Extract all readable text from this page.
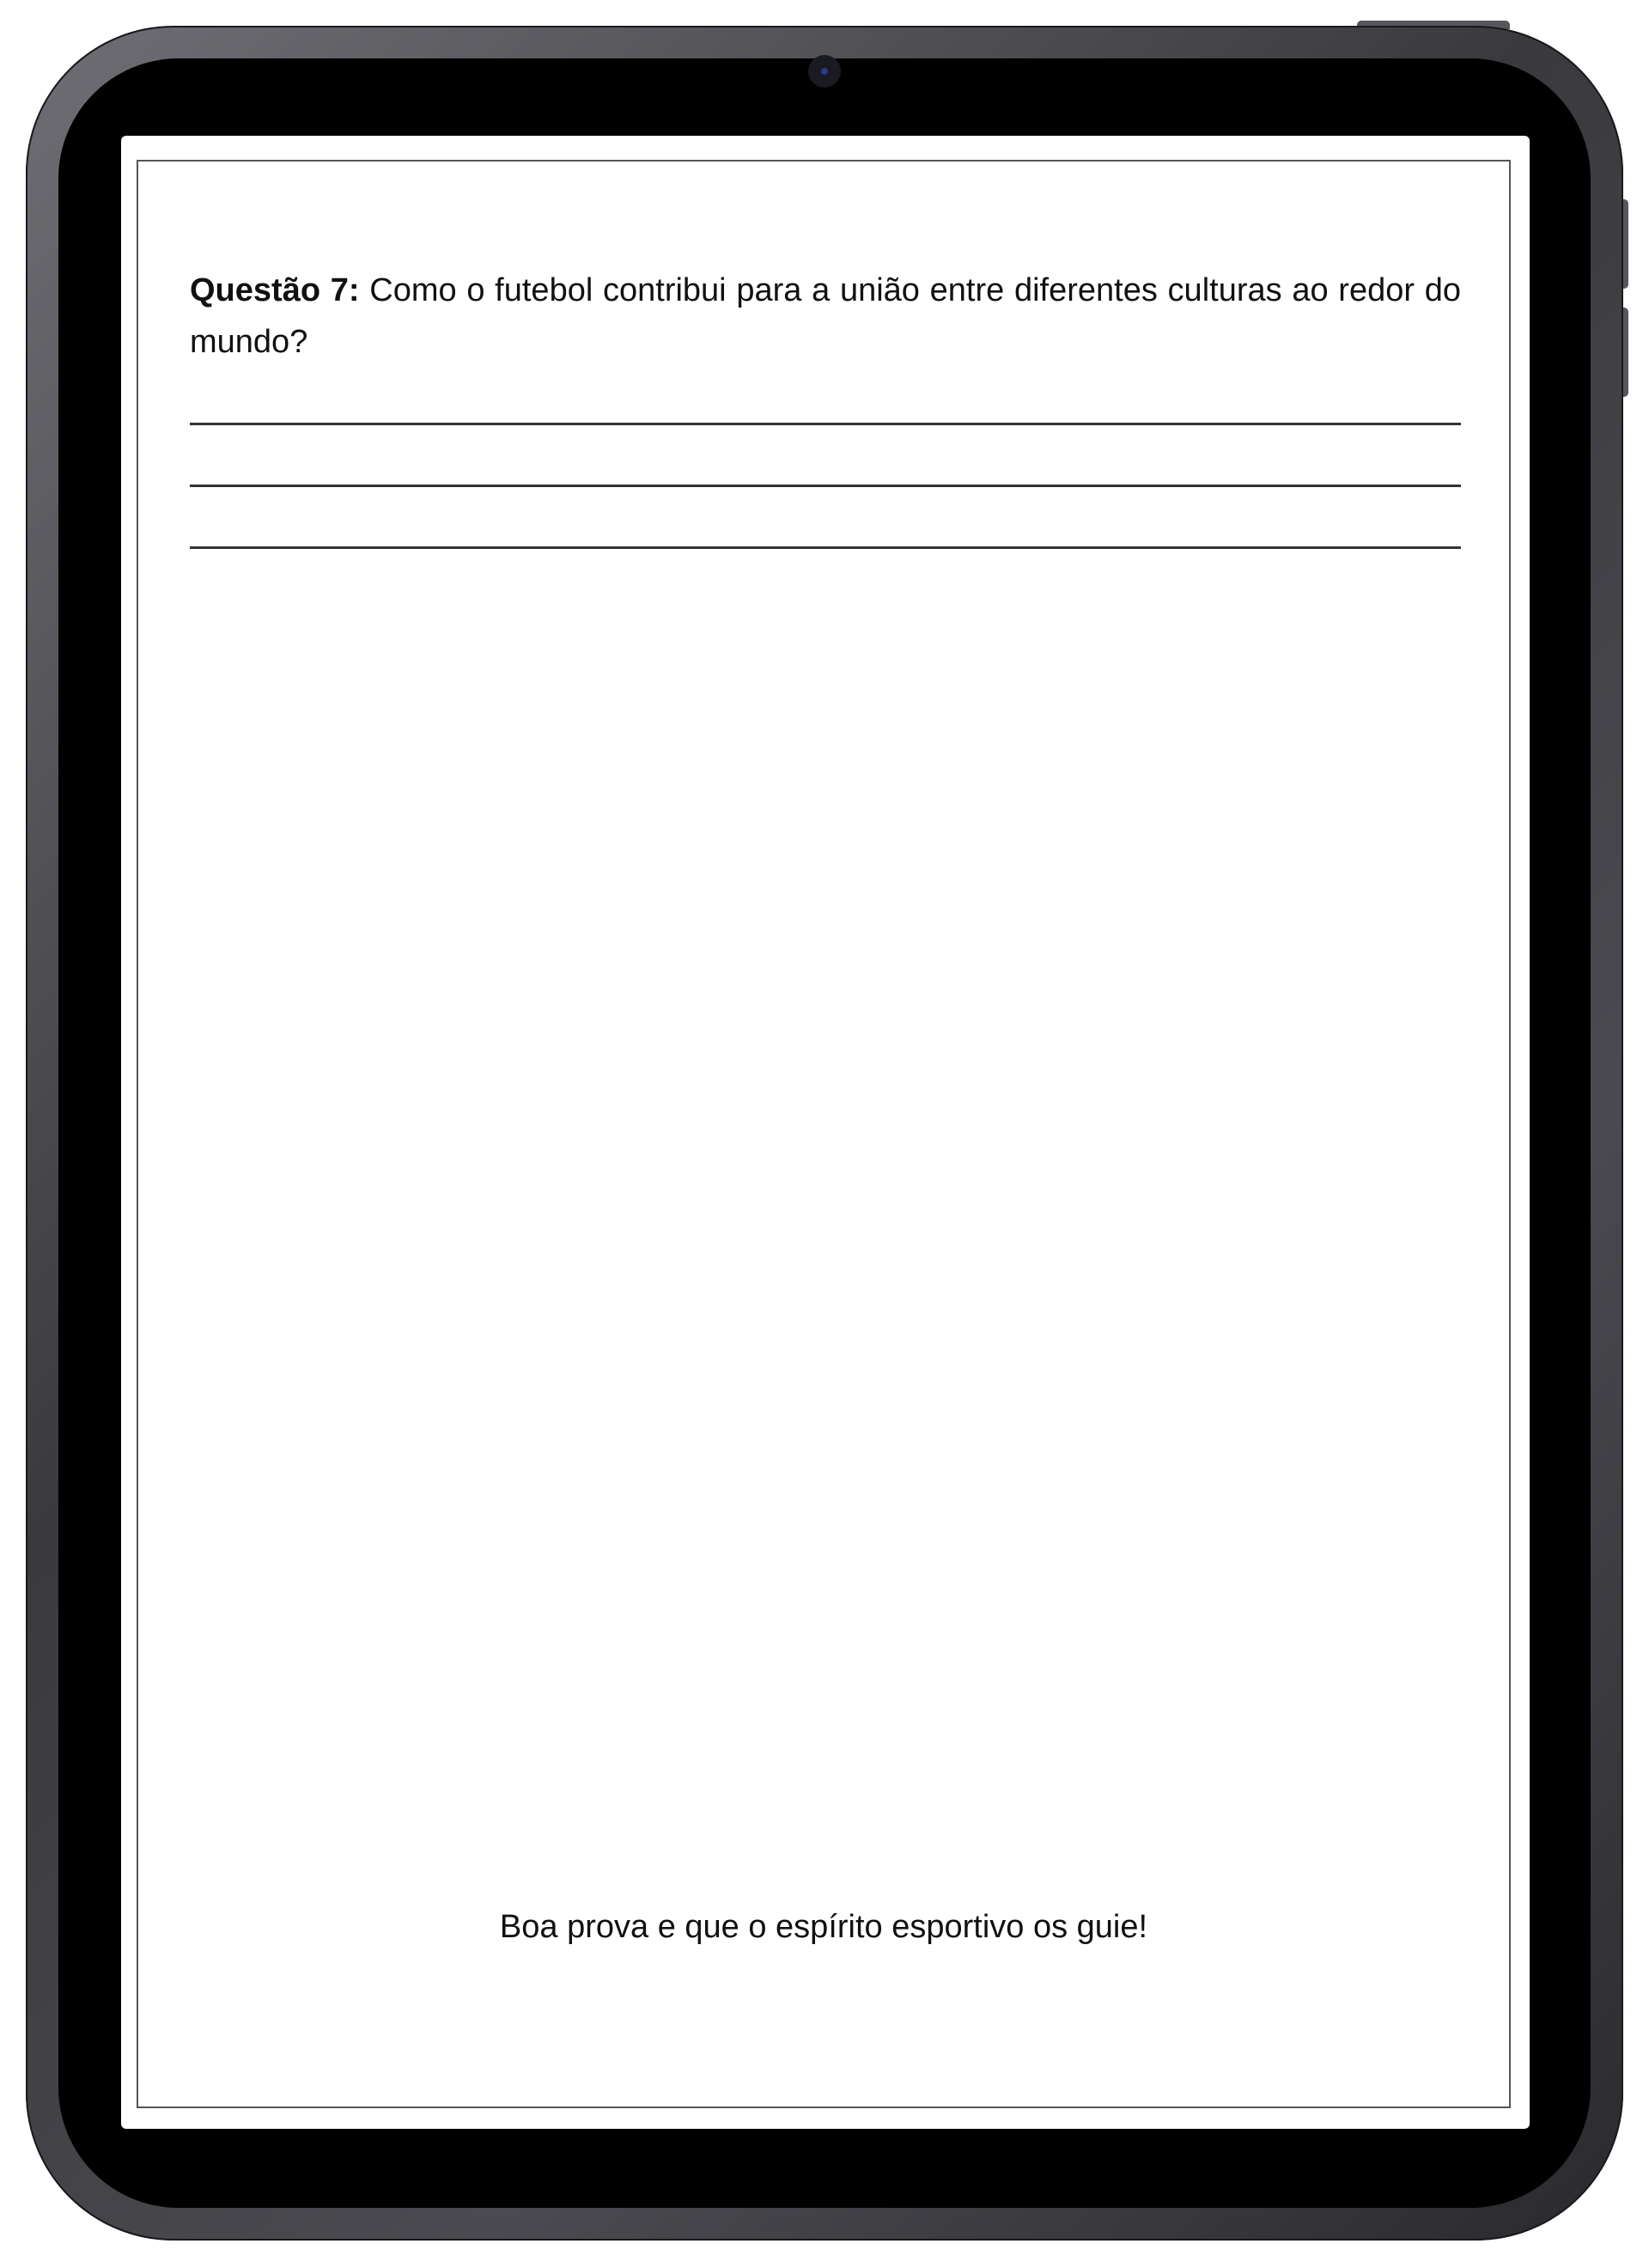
Questão 7: Como o futebol contribui para a união entre diferentes culturas ao redor do mundo?
Boa prova e que o espírito esportivo os guie!
